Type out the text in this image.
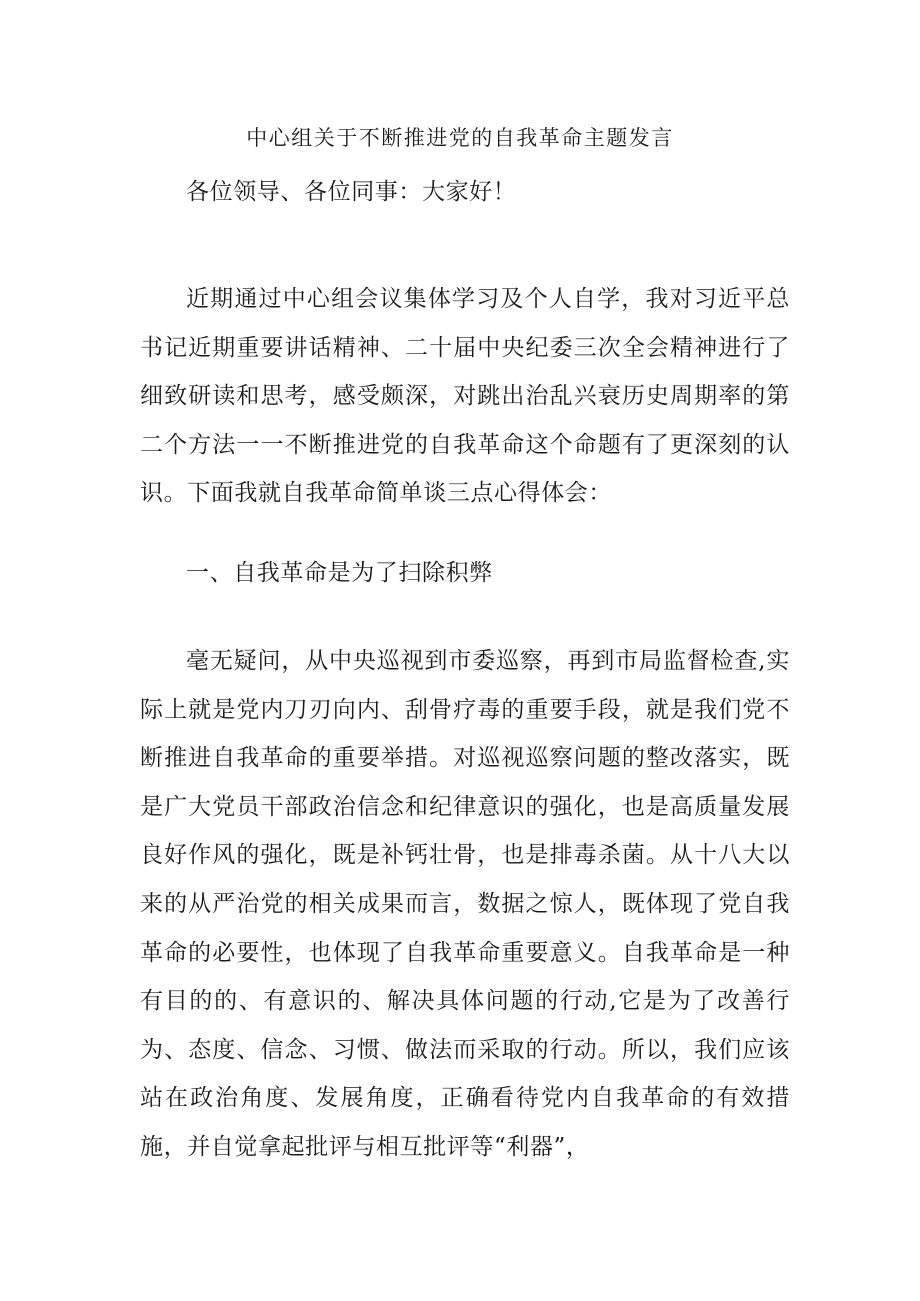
中心组关于不断推进党的自我革命主题发言

各位领导、各位同事：大家好！

近期通过中心组会议集体学习及个人自学，我对习近平总书记近期重要讲话精神、二十届中央纪委三次全会精神进行了细致研读和思考，感受颇深，对跳出治乱兴衰历史周期率的第二个方法一一不断推进党的自我革命这个命题有了更深刻的认识。下面我就自我革命简单谈三点心得体会：

一、自我革命是为了扫除积弊

毫无疑问，从中央巡视到市委巡察，再到市局监督检查,实际上就是党内刀刃向内、刮骨疗毒的重要手段，就是我们党不断推进自我革命的重要举措。对巡视巡察问题的整改落实，既是广大党员干部政治信念和纪律意识的强化，也是高质量发展良好作风的强化，既是补钙壮骨，也是排毒杀菌。从十八大以来的从严治党的相关成果而言，数据之惊人，既体现了党自我革命的必要性，也体现了自我革命重要意义。自我革命是一种有目的的、有意识的、解决具体问题的行动,它是为了改善行为、态度、信念、习惯、做法而采取的行动。所以，我们应该站在政治角度、发展角度，正确看待党内自我革命的有效措施，并自觉拿起批评与相互批评等“利器”，
